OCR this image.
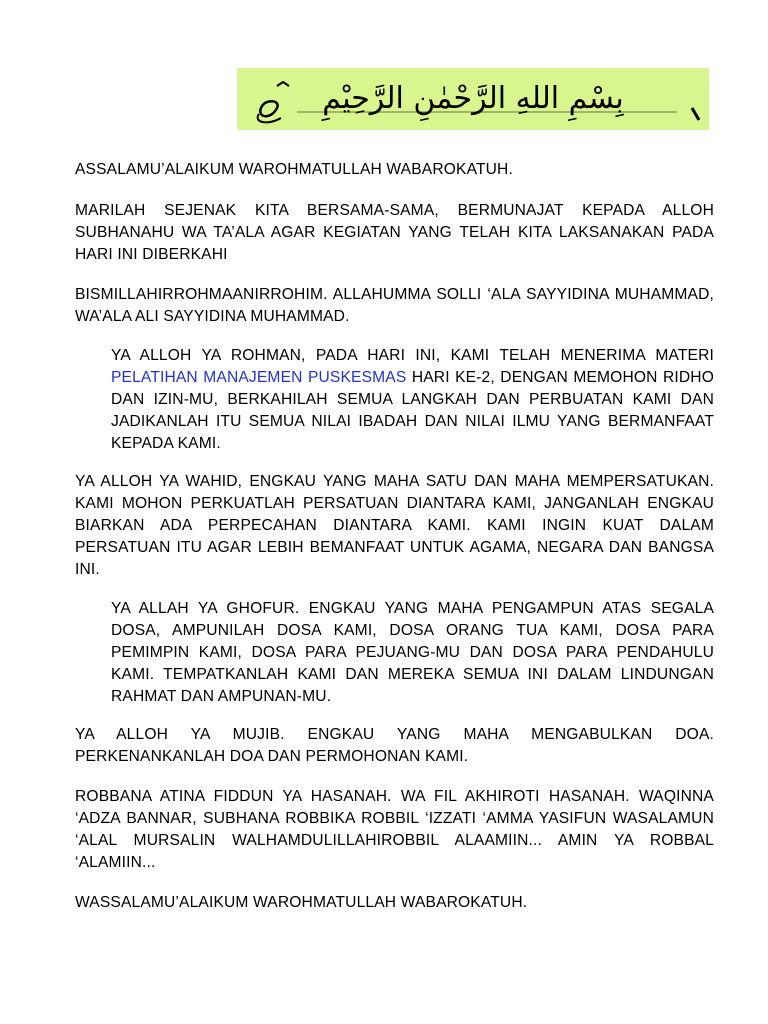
بِسْمِ اللهِ الرَّحْمٰنِ الرَّحِيْمِ

ASSALAMU’ALAIKUM WAROHMATULLAH WABAROKATUH.

MARILAH SEJENAK KITA BERSAMA-SAMA, BERMUNAJAT KEPADA ALLOH SUBHANAHU WA TA’ALA AGAR KEGIATAN YANG TELAH KITA LAKSANAKAN PADA HARI INI DIBERKAHI

BISMILLAHIRROHMAANIRROHIM. ALLAHUMMA SOLLI ‘ALA SAYYIDINA MUHAMMAD, WA’ALA ALI SAYYIDINA MUHAMMAD.

YA ALLOH YA ROHMAN, PADA HARI INI, KAMI TELAH MENERIMA MATERI PELATIHAN MANAJEMEN PUSKESMAS HARI KE-2, DENGAN MEMOHON RIDHO DAN IZIN-MU, BERKAHILAH SEMUA LANGKAH DAN PERBUATAN KAMI DAN JADIKANLAH ITU SEMUA NILAI IBADAH DAN NILAI ILMU YANG BERMANFAAT KEPADA KAMI.

YA ALLOH YA WAHID, ENGKAU YANG MAHA SATU DAN MAHA MEMPERSATUKAN. KAMI MOHON PERKUATLAH PERSATUAN DIANTARA KAMI, JANGANLAH ENGKAU BIARKAN ADA PERPECAHAN DIANTARA KAMI. KAMI INGIN KUAT DALAM PERSATUAN ITU AGAR LEBIH BEMANFAAT UNTUK AGAMA, NEGARA DAN BANGSA INI.

YA ALLAH YA GHOFUR. ENGKAU YANG MAHA PENGAMPUN ATAS SEGALA DOSA, AMPUNILAH DOSA KAMI, DOSA ORANG TUA KAMI, DOSA PARA PEMIMPIN KAMI, DOSA PARA PEJUANG-MU DAN DOSA PARA PENDAHULU KAMI. TEMPATKANLAH KAMI DAN MEREKA SEMUA INI DALAM LINDUNGAN RAHMAT DAN AMPUNAN-MU.

YA ALLOH YA MUJIB. ENGKAU YANG MAHA MENGABULKAN DOA. PERKENANKANLAH DOA DAN PERMOHONAN KAMI.

ROBBANA ATINA FIDDUN YA HASANAH. WA FIL AKHIROTI HASANAH. WAQINNA ‘ADZA BANNAR, SUBHANA ROBBIKA ROBBIL ‘IZZATI ‘AMMA YASIFUN WASALAMUN ‘ALAL MURSALIN WALHAMDULILLAHIROBBIL ALAAMIIN... AMIN YA ROBBAL ‘ALAMIIN...

WASSALAMU’ALAIKUM WAROHMATULLAH WABAROKATUH.
